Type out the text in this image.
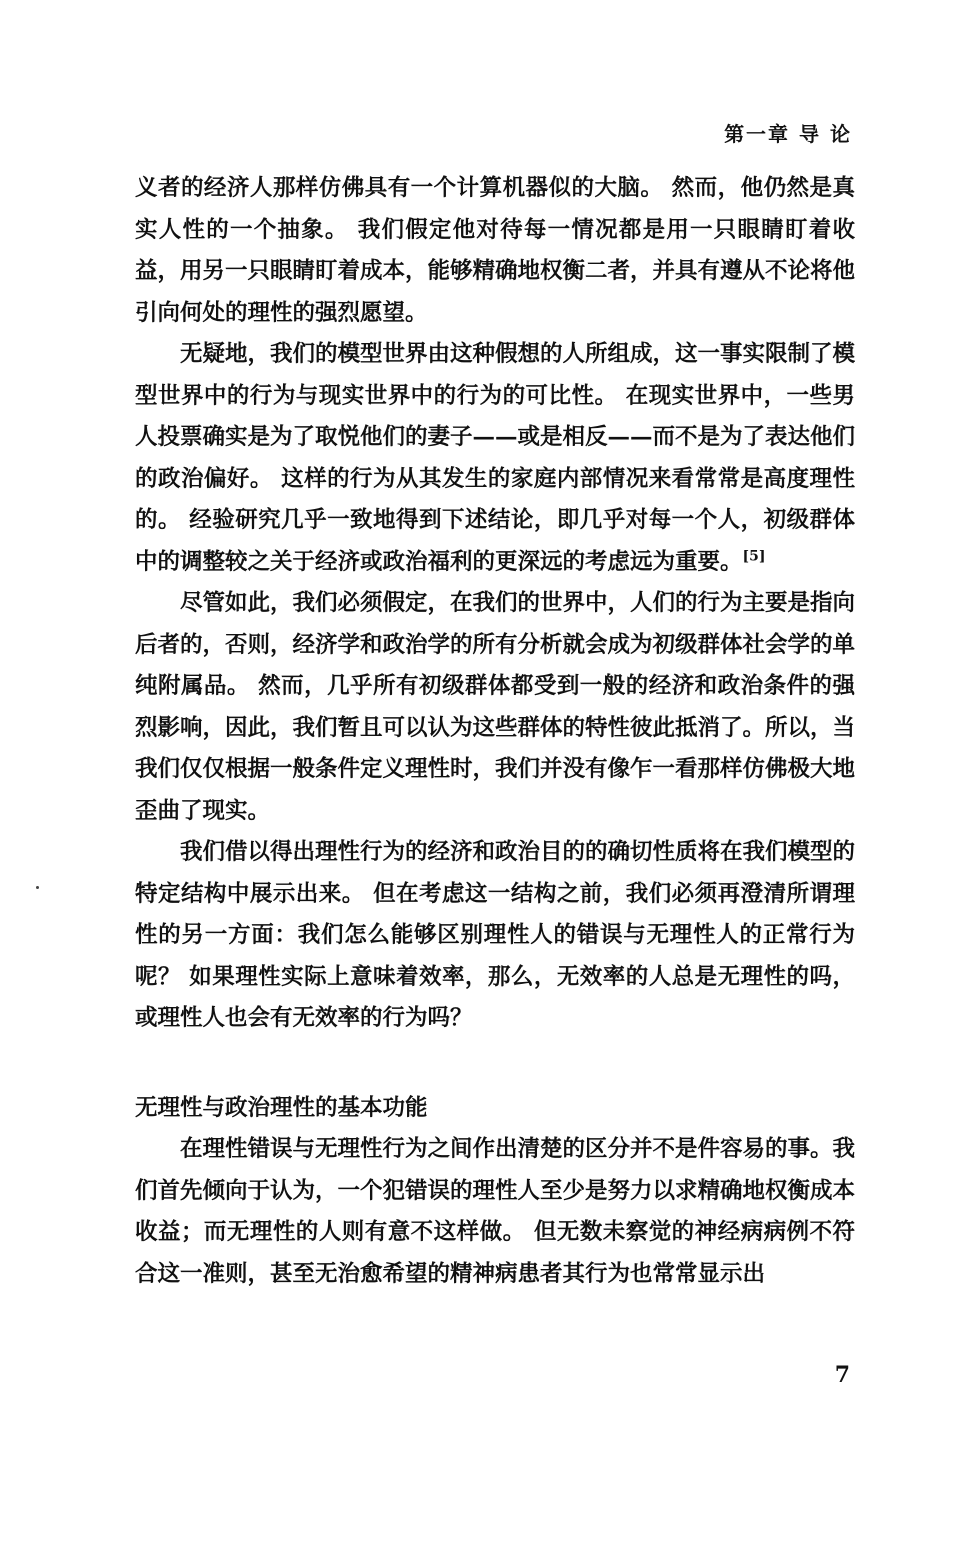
第一章 导 论

义者的经济人那样仿佛具有一个计算机器似的大脑。 然而，他仍然是真实人性的一个抽象。 我们假定他对待每一情况都是用一只眼睛盯着收益，用另一只眼睛盯着成本，能够精确地权衡二者，并具有遵从不论将他引向何处的理性的强烈愿望。

无疑地，我们的模型世界由这种假想的人所组成，这一事实限制了模型世界中的行为与现实世界中的行为的可比性。 在现实世界中，一些男人投票确实是为了取悦他们的妻子——或是相反——而不是为了表达他们的政治偏好。 这样的行为从其发生的家庭内部情况来看常常是高度理性的。 经验研究几乎一致地得到下述结论，即几乎对每一个人，初级群体中的调整较之关于经济或政治福利的更深远的考虑远为重要。[5]

尽管如此，我们必须假定，在我们的世界中，人们的行为主要是指向后者的，否则，经济学和政治学的所有分析就会成为初级群体社会学的单纯附属品。 然而，几乎所有初级群体都受到一般的经济和政治条件的强烈影响，因此，我们暂且可以认为这些群体的特性彼此抵消了。所以，当我们仅仅根据一般条件定义理性时，我们并没有像乍一看那样仿佛极大地歪曲了现实。

我们借以得出理性行为的经济和政治目的的确切性质将在我们模型的特定结构中展示出来。 但在考虑这一结构之前，我们必须再澄清所谓理性的另一方面：我们怎么能够区别理性人的错误与无理性人的正常行为呢？ 如果理性实际上意味着效率，那么，无效率的人总是无理性的吗，或理性人也会有无效率的行为吗？

无理性与政治理性的基本功能

在理性错误与无理性行为之间作出清楚的区分并不是件容易的事。我们首先倾向于认为，一个犯错误的理性人至少是努力以求精确地权衡成本收益；而无理性的人则有意不这样做。 但无数未察觉的神经病病例不符合这一准则，甚至无治愈希望的精神病患者其行为也常常显示出

7
